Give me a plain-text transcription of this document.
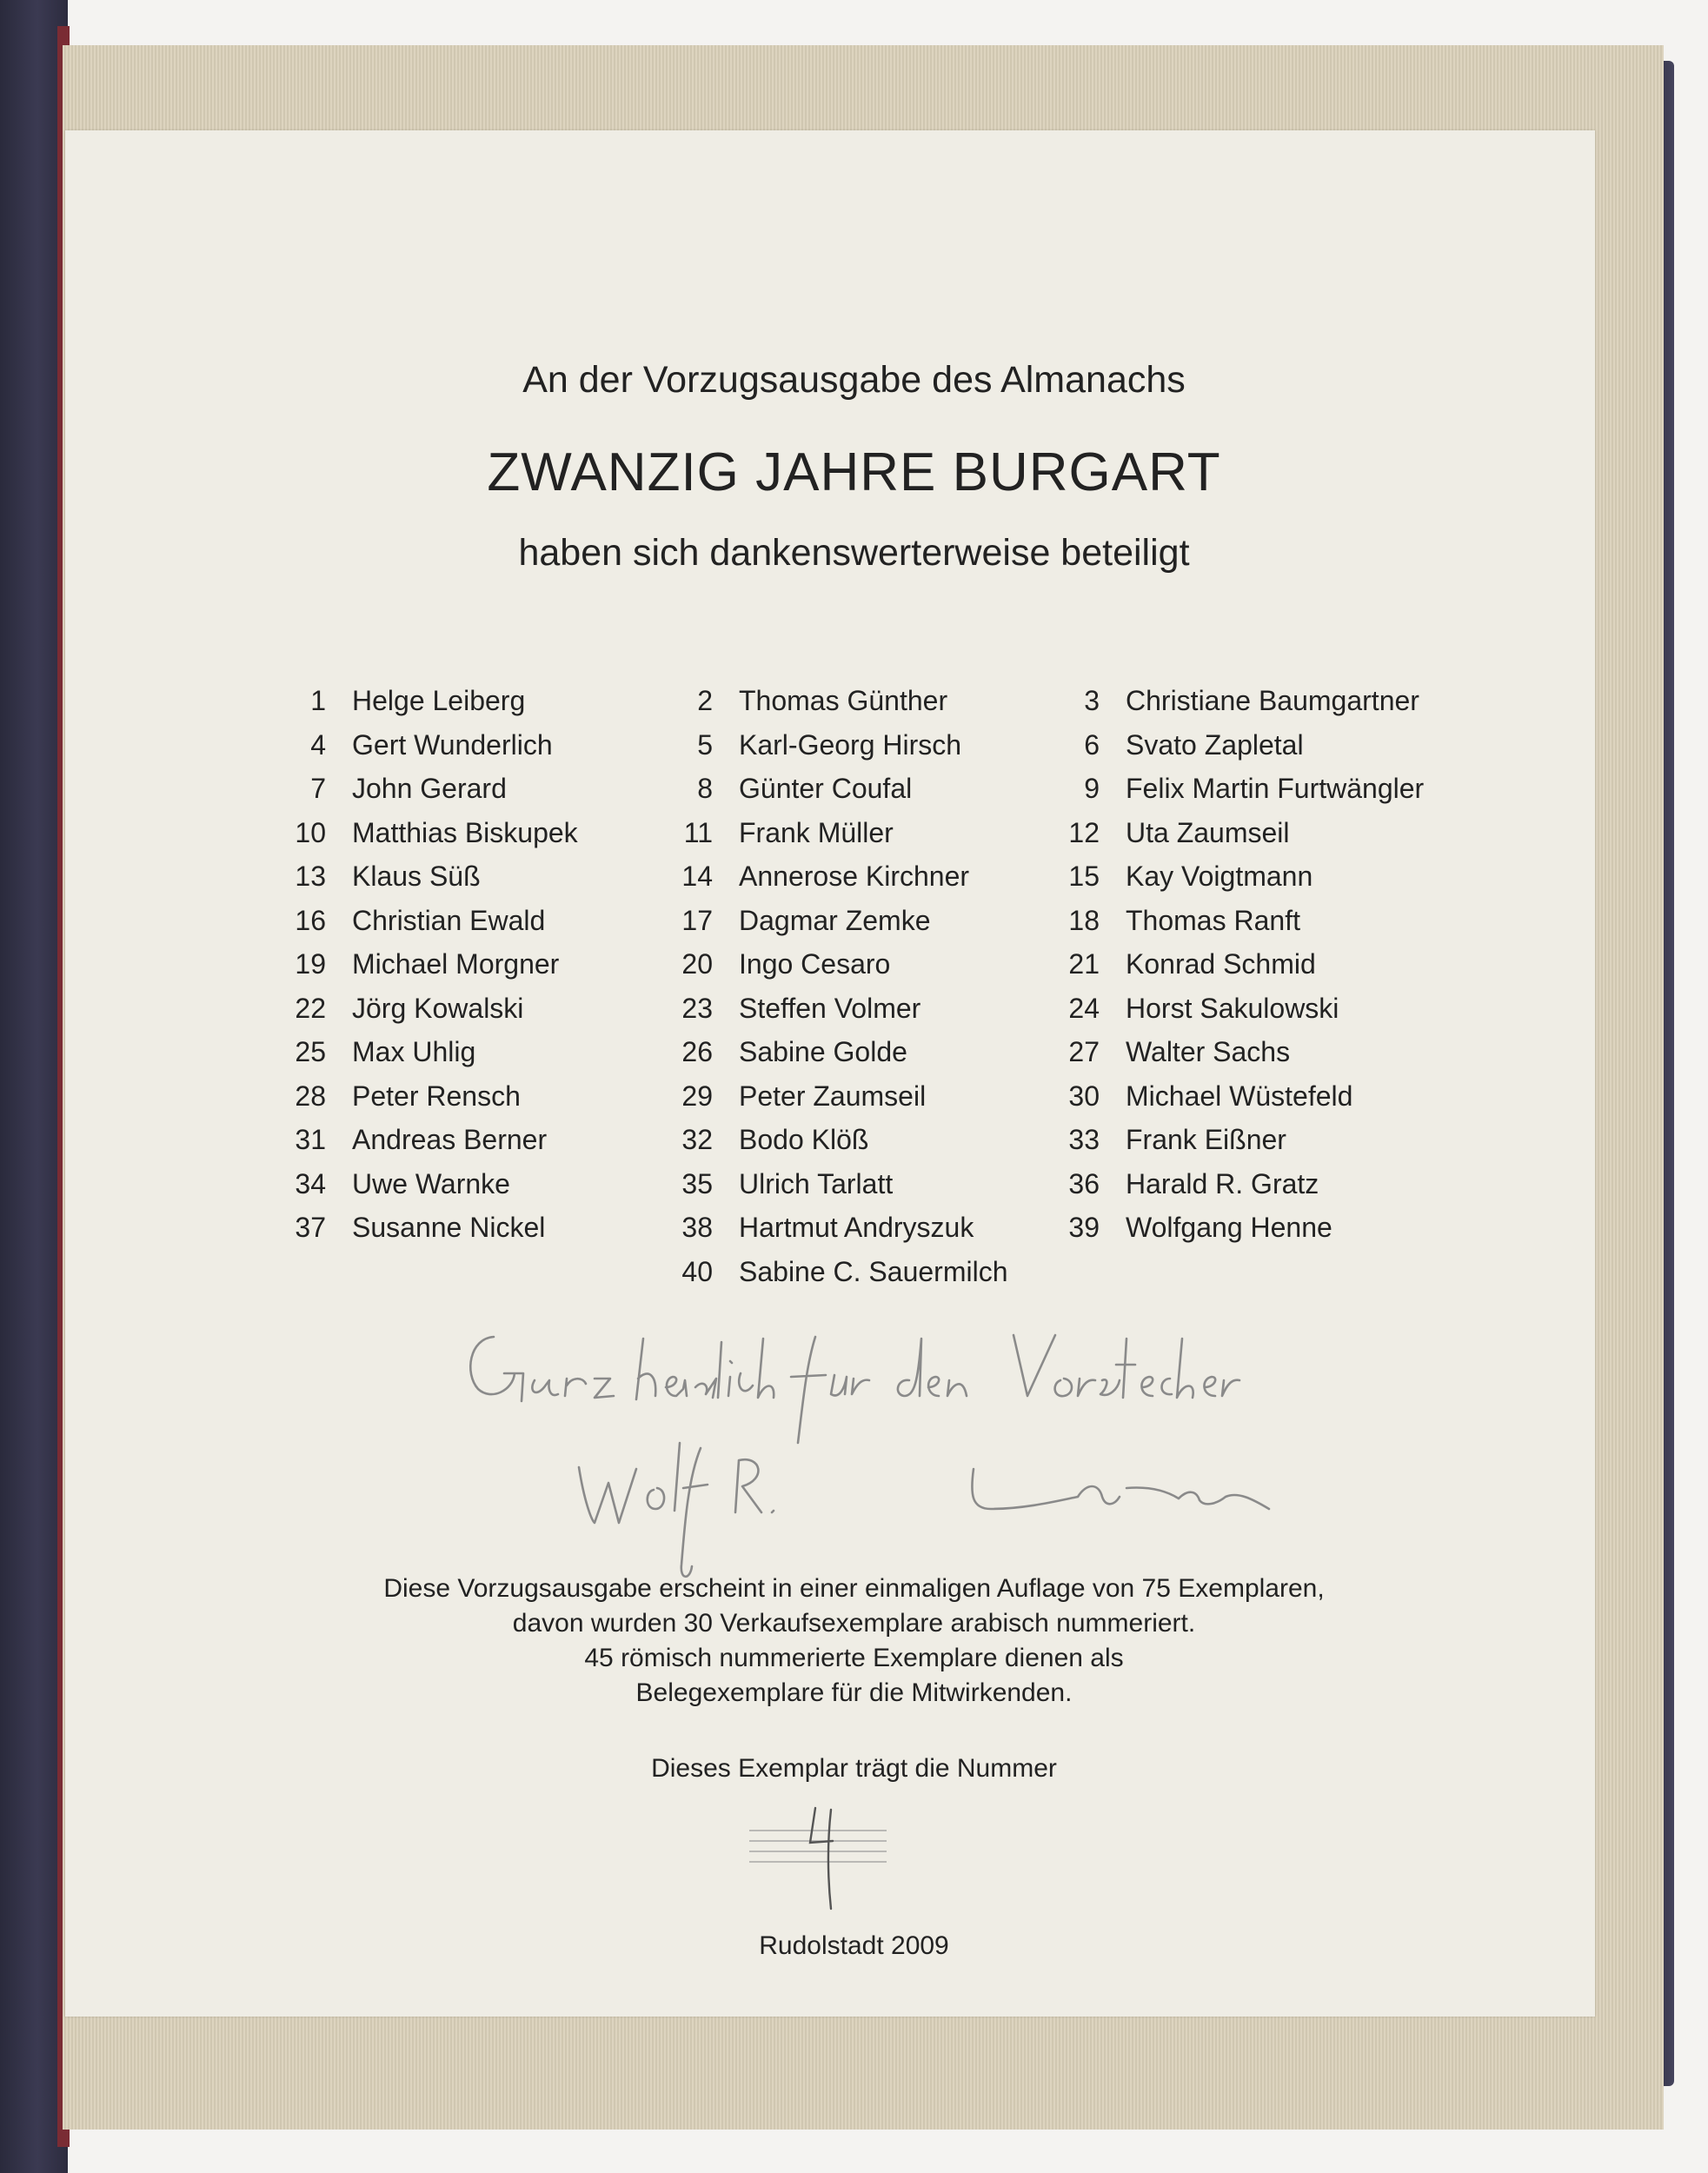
An der Vorzugsausgabe des Almanachs
ZWANZIG JAHRE BURGART
haben sich dankenswerterweise beteiligt
1 Helge Leiberg
4 Gert Wunderlich
7 John Gerard
10 Matthias Biskupek
13 Klaus Süß
16 Christian Ewald
19 Michael Morgner
22 Jörg Kowalski
25 Max Uhlig
28 Peter Rensch
31 Andreas Berner
34 Uwe Warnke
37 Susanne Nickel
2 Thomas Günther
5 Karl-Georg Hirsch
8 Günter Coufal
11 Frank Müller
14 Annerose Kirchner
17 Dagmar Zemke
20 Ingo Cesaro
23 Steffen Volmer
26 Sabine Golde
29 Peter Zaumseil
32 Bodo Klöß
35 Ulrich Tarlatt
38 Hartmut Andryszuk
40 Sabine C. Sauermilch
3 Christiane Baumgartner
6 Svato Zapletal
9 Felix Martin Furtwängler
12 Uta Zaumseil
15 Kay Voigtmann
18 Thomas Ranft
21 Konrad Schmid
24 Horst Sakulowski
27 Walter Sachs
30 Michael Wüstefeld
33 Frank Eißner
36 Harald R. Gratz
39 Wolfgang Henne
Diese Vorzugsausgabe erscheint in einer einmaligen Auflage von 75 Exemplaren,
davon wurden 30 Verkaufsexemplare arabisch nummeriert.
45 römisch nummerierte Exemplare dienen als
Belegexemplare für die Mitwirkenden.
Dieses Exemplar trägt die Nummer
Rudolstadt 2009
